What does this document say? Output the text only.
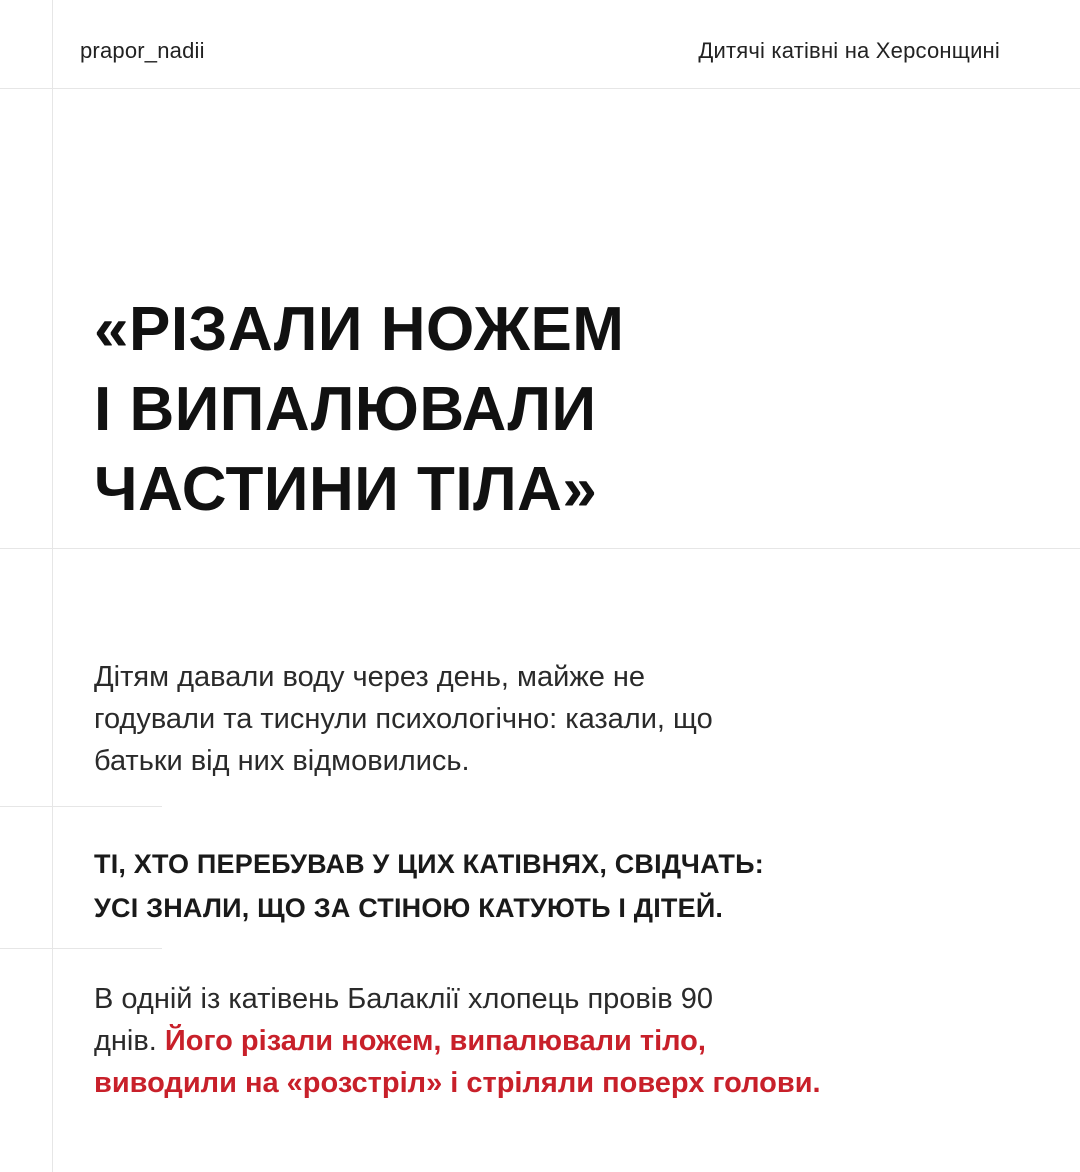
prapor_nadii	Дитячі катівні на Херсонщині
«РІЗАЛИ НОЖЕМ
І ВИПАЛЮВАЛИ
ЧАСТИНИ ТІЛА»

Дітям давали воду через день, майже не
годували та тиснули психологічно: казали, що
батьки від них відмовились.

ТІ, ХТО ПЕРЕБУВАВ У ЦИХ КАТІВНЯХ, СВІДЧАТЬ:
УСІ ЗНАЛИ, ЩО ЗА СТІНОЮ КАТУЮТЬ І ДІТЕЙ.

В одній із катівень Балаклії хлопець провів 90
днів. Його різали ножем, випалювали тіло,
виводили на «розстріл» і стріляли поверх голови.
